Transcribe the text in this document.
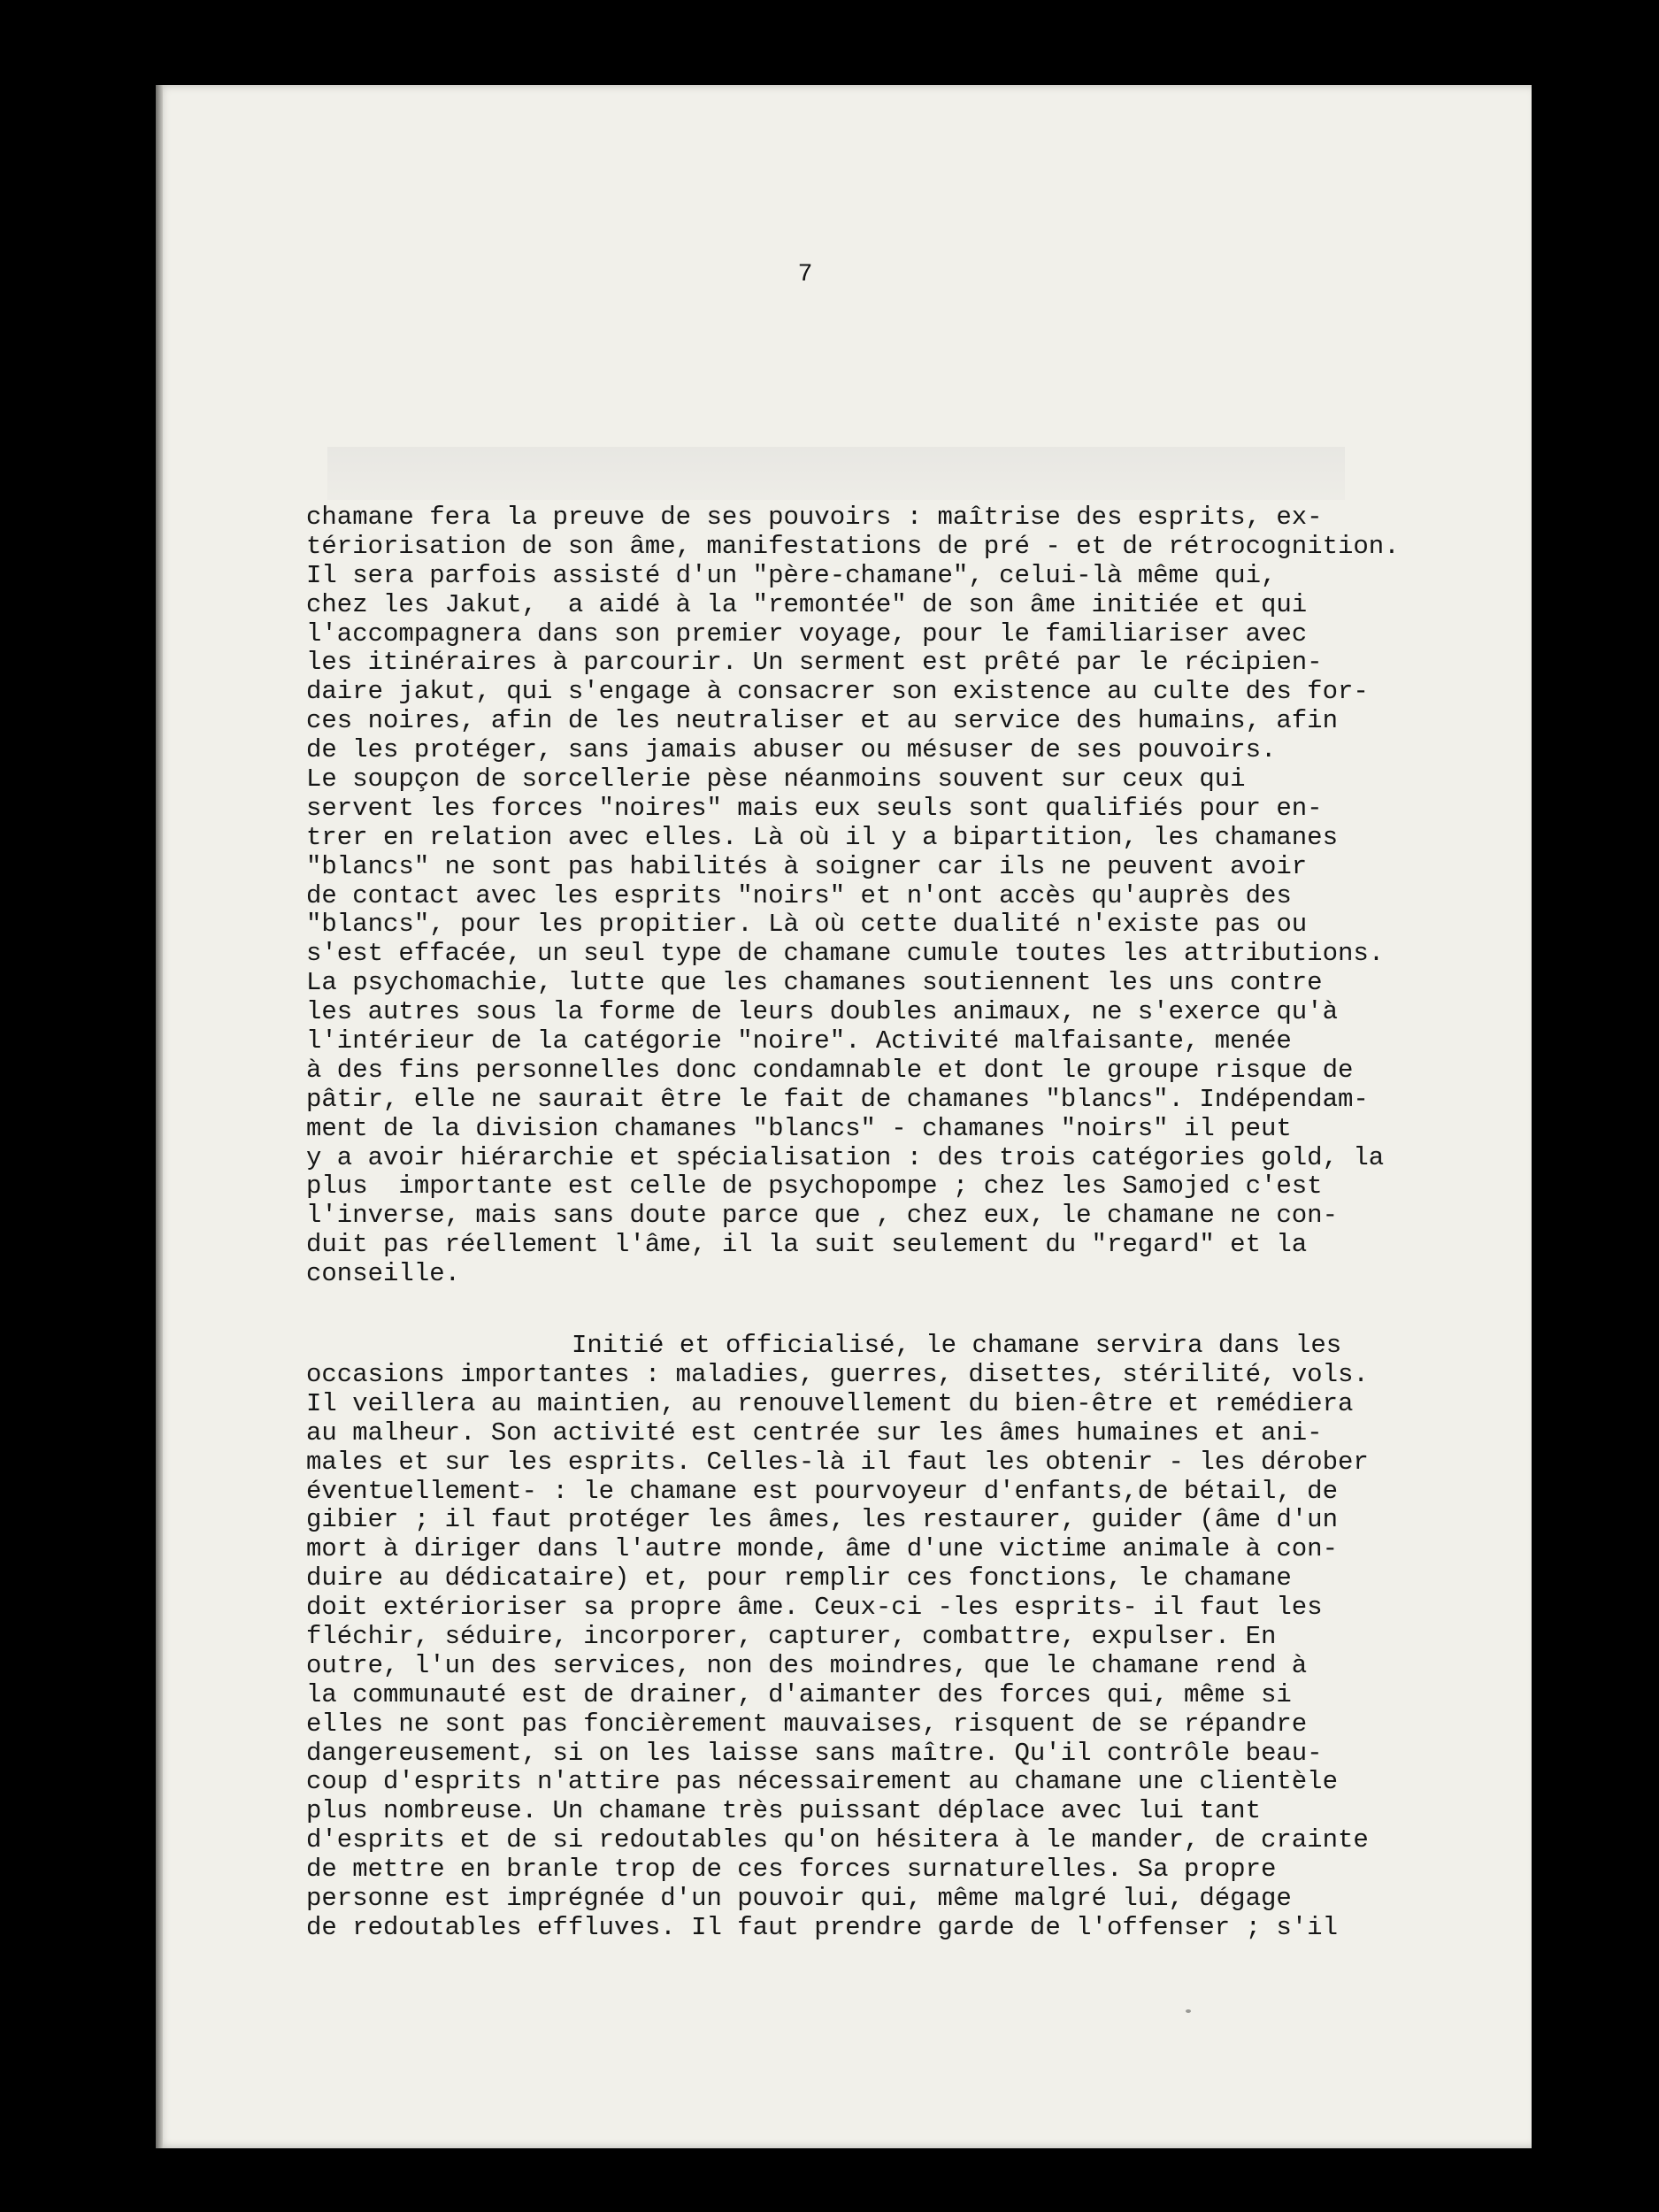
7
chamane fera la preuve de ses pouvoirs : maîtrise des esprits, ex-
tériorisation de son âme, manifestations de pré - et de rétrocognition.
Il sera parfois assisté d'un "père-chamane", celui-là même qui,
chez les Jakut,  a aidé à la "remontée" de son âme initiée et qui
l'accompagnera dans son premier voyage, pour le familiariser avec
les itinéraires à parcourir. Un serment est prêté par le récipien-
daire jakut, qui s'engage à consacrer son existence au culte des for-
ces noires, afin de les neutraliser et au service des humains, afin
de les protéger, sans jamais abuser ou mésuser de ses pouvoirs.
Le soupçon de sorcellerie pèse néanmoins souvent sur ceux qui
servent les forces "noires" mais eux seuls sont qualifiés pour en-
trer en relation avec elles. Là où il y a bipartition, les chamanes
"blancs" ne sont pas habilités à soigner car ils ne peuvent avoir
de contact avec les esprits "noirs" et n'ont accès qu'auprès des
"blancs", pour les propitier. Là où cette dualité n'existe pas ou
s'est effacée, un seul type de chamane cumule toutes les attributions.
La psychomachie, lutte que les chamanes soutiennent les uns contre
les autres sous la forme de leurs doubles animaux, ne s'exerce qu'à
l'intérieur de la catégorie "noire". Activité malfaisante, menée
à des fins personnelles donc condamnable et dont le groupe risque de
pâtir, elle ne saurait être le fait de chamanes "blancs". Indépendam-
ment de la division chamanes "blancs" - chamanes "noirs" il peut
y a avoir hiérarchie et spécialisation : des trois catégories gold, la
plus  importante est celle de psychopompe ; chez les Samojed c'est
l'inverse, mais sans doute parce que , chez eux, le chamane ne con-
duit pas réellement l'âme, il la suit seulement du "regard" et la
conseille.
Initié et officialisé, le chamane servira dans les
occasions importantes : maladies, guerres, disettes, stérilité, vols.
Il veillera au maintien, au renouvellement du bien-être et remédiera
au malheur. Son activité est centrée sur les âmes humaines et ani-
males et sur les esprits. Celles-là il faut les obtenir - les dérober
éventuellement- : le chamane est pourvoyeur d'enfants,de bétail, de
gibier ; il faut protéger les âmes, les restaurer, guider (âme d'un
mort à diriger dans l'autre monde, âme d'une victime animale à con-
duire au dédicataire) et, pour remplir ces fonctions, le chamane
doit extérioriser sa propre âme. Ceux-ci -les esprits- il faut les
fléchir, séduire, incorporer, capturer, combattre, expulser. En
outre, l'un des services, non des moindres, que le chamane rend à
la communauté est de drainer, d'aimanter des forces qui, même si
elles ne sont pas foncièrement mauvaises, risquent de se répandre
dangereusement, si on les laisse sans maître. Qu'il contrôle beau-
coup d'esprits n'attire pas nécessairement au chamane une clientèle
plus nombreuse. Un chamane très puissant déplace avec lui tant
d'esprits et de si redoutables qu'on hésitera à le mander, de crainte
de mettre en branle trop de ces forces surnaturelles. Sa propre
personne est imprégnée d'un pouvoir qui, même malgré lui, dégage
de redoutables effluves. Il faut prendre garde de l'offenser ; s'il
